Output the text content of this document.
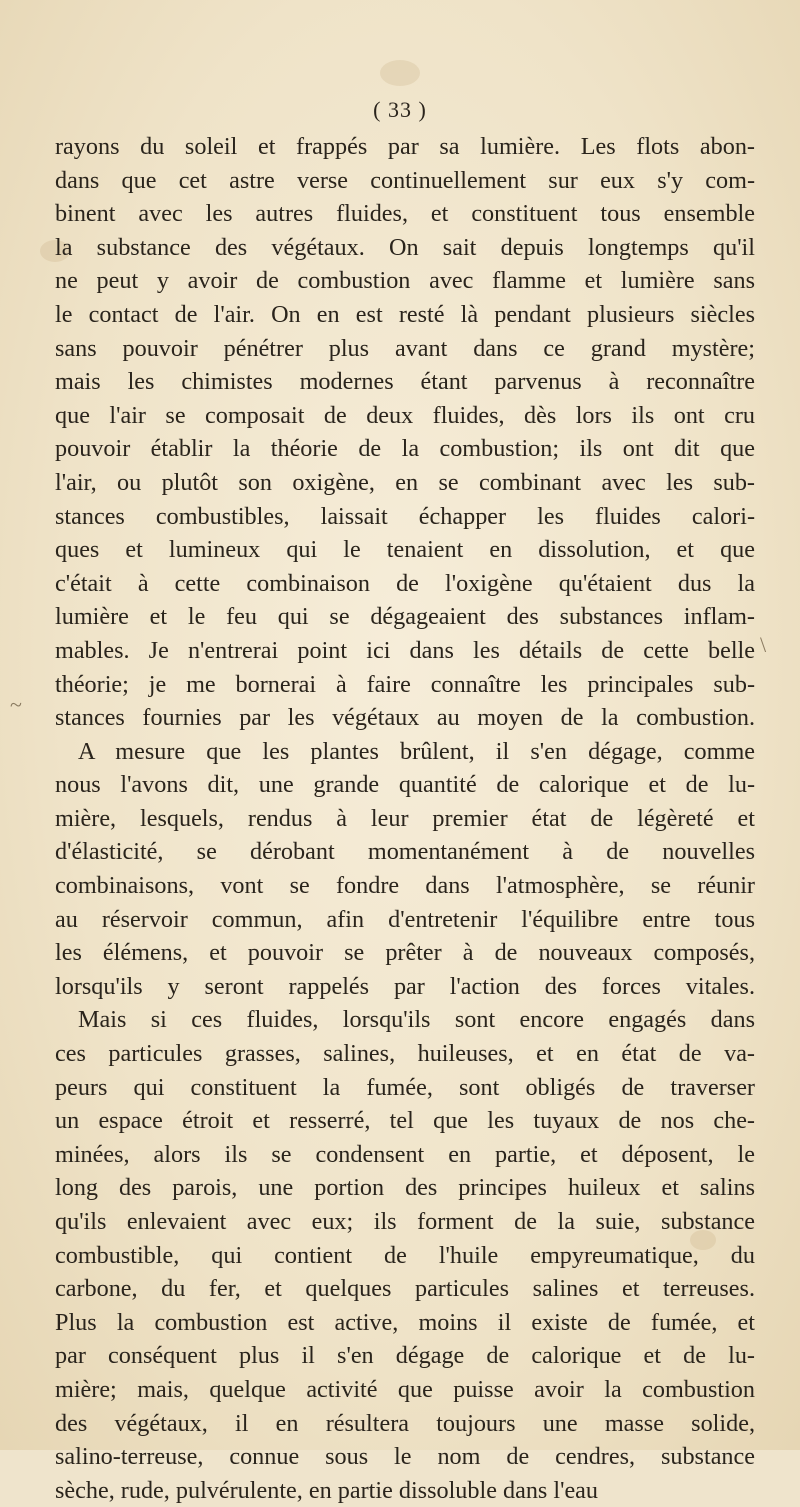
( 33 )
rayons du soleil et frappés par sa lumière. Les flots abon-
dans que cet astre verse continuellement sur eux s'y com-
binent avec les autres fluides, et constituent tous ensemble
la substance des végétaux. On sait depuis longtemps qu'il
ne peut y avoir de combustion avec flamme et lumière sans
le contact de l'air. On en est resté là pendant plusieurs siècles
sans pouvoir pénétrer plus avant dans ce grand mystère;
mais les chimistes modernes étant parvenus à reconnaître
que l'air se composait de deux fluides, dès lors ils ont cru
pouvoir établir la théorie de la combustion; ils ont dit que
l'air, ou plutôt son oxigène, en se combinant avec les sub-
stances combustibles, laissait échapper les fluides calori-
ques et lumineux qui le tenaient en dissolution, et que
c'était à cette combinaison de l'oxigène qu'étaient dus la
lumière et le feu qui se dégageaient des substances inflam-
mables. Je n'entrerai point ici dans les détails de cette belle
théorie; je me bornerai à faire connaître les principales sub-
stances fournies par les végétaux au moyen de la combustion.
A mesure que les plantes brûlent, il s'en dégage, comme
nous l'avons dit, une grande quantité de calorique et de lu-
mière, lesquels, rendus à leur premier état de légèreté et
d'élasticité, se dérobant momentanément à de nouvelles
combinaisons, vont se fondre dans l'atmosphère, se réunir
au réservoir commun, afin d'entretenir l'équilibre entre tous
les élémens, et pouvoir se prêter à de nouveaux composés,
lorsqu'ils y seront rappelés par l'action des forces vitales.
Mais si ces fluides, lorsqu'ils sont encore engagés dans
ces particules grasses, salines, huileuses, et en état de va-
peurs qui constituent la fumée, sont obligés de traverser
un espace étroit et resserré, tel que les tuyaux de nos che-
minées, alors ils se condensent en partie, et déposent, le
long des parois, une portion des principes huileux et salins
qu'ils enlevaient avec eux; ils forment de la suie, substance
combustible, qui contient de l'huile empyreumatique, du
carbone, du fer, et quelques particules salines et terreuses.
Plus la combustion est active, moins il existe de fumée, et
par conséquent plus il s'en dégage de calorique et de lu-
mière; mais, quelque activité que puisse avoir la combustion
des végétaux, il en résultera toujours une masse solide,
salino-terreuse, connue sous le nom de cendres, substance
sèche, rude, pulvérulente, en partie dissoluble dans l'eau
~
\
